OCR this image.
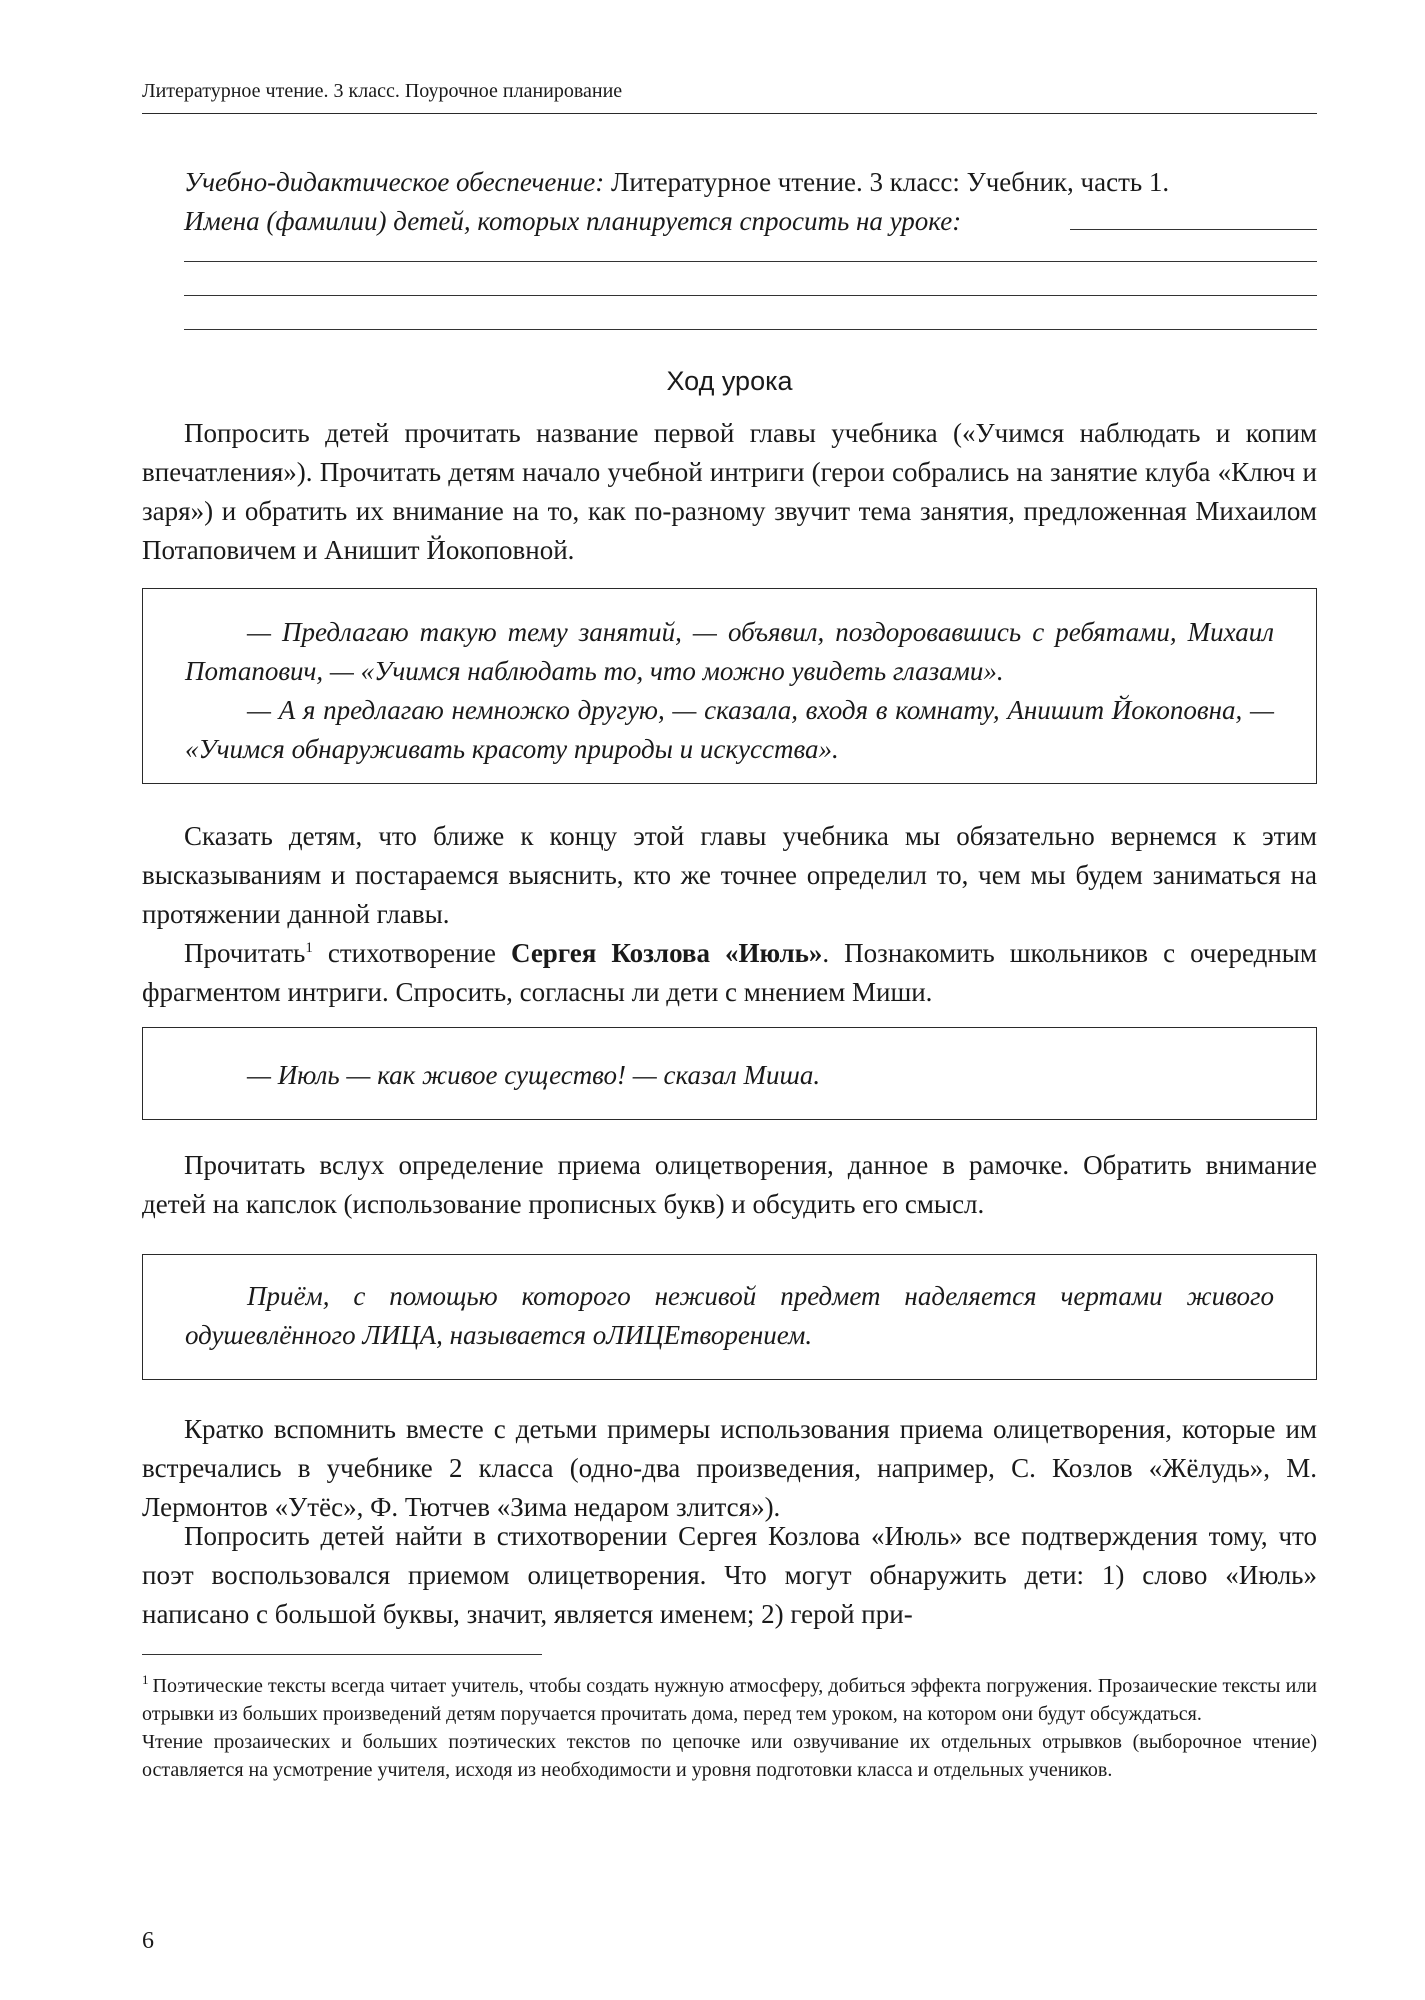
Литературное чтение. 3 класс. Поурочное планирование

Учебно-дидактическое обеспечение: Литературное чтение. 3 класс: Учебник, часть 1.

Имена (фамилии) детей, которых планируется спросить на уроке:

Ход урока

Попросить детей прочитать название первой главы учебника («Учимся наблюдать и копим впечатления»). Прочитать детям начало учебной интриги (герои собрались на занятие клуба «Ключ и заря») и обратить их внимание на то, как по-разному звучит тема занятия, предложенная Михаилом Потаповичем и Анишит Йокоповной.

— Предлагаю такую тему занятий, — объявил, поздоровавшись с ребятами, Михаил Потапович, — «Учимся наблюдать то, что можно увидеть глазами».

— А я предлагаю немножко другую, — сказала, входя в комнату, Анишит Йокоповна, — «Учимся обнаруживать красоту природы и искусства».

Сказать детям, что ближе к концу этой главы учебника мы обязательно вернемся к этим высказываниям и постараемся выяснить, кто же точнее определил то, чем мы будем заниматься на протяжении данной главы.

Прочитать$^1$ стихотворение Сергея Козлова «Июль». Познакомить школьников с очередным фрагментом интриги. Спросить, согласны ли дети с мнением Миши.

— Июль — как живое существо! — сказал Миша.

Прочитать вслух определение приема олицетворения, данное в рамочке. Обратить внимание детей на капслок (использование прописных букв) и обсудить его смысл.

Приём, с помощью которого неживой предмет наделяется чертами живого одушевлённого ЛИЦА, называется оЛИЦЕтворением.

Кратко вспомнить вместе с детьми примеры использования приема олицетворения, которые им встречались в учебнике 2 класса (одно-два произведения, например, С. Козлов «Жёлудь», М. Лермонтов «Утёс», Ф. Тютчев «Зима недаром злится»).

Попросить детей найти в стихотворении Сергея Козлова «Июль» все подтверждения тому, что поэт воспользовался приемом олицетворения. Что могут обнаружить дети: 1) слово «Июль» написано с большой буквы, значит, является именем; 2) герой при-

$^1$ Поэтические тексты всегда читает учитель, чтобы создать нужную атмосферу, добиться эффекта погружения. Прозаические тексты или отрывки из больших произведений детям поручается прочитать дома, перед тем уроком, на котором они будут обсуждаться.

Чтение прозаических и больших поэтических текстов по цепочке или озвучивание их отдельных отрывков (выборочное чтение) оставляется на усмотрение учителя, исходя из необходимости и уровня подготовки класса и отдельных учеников.

6
